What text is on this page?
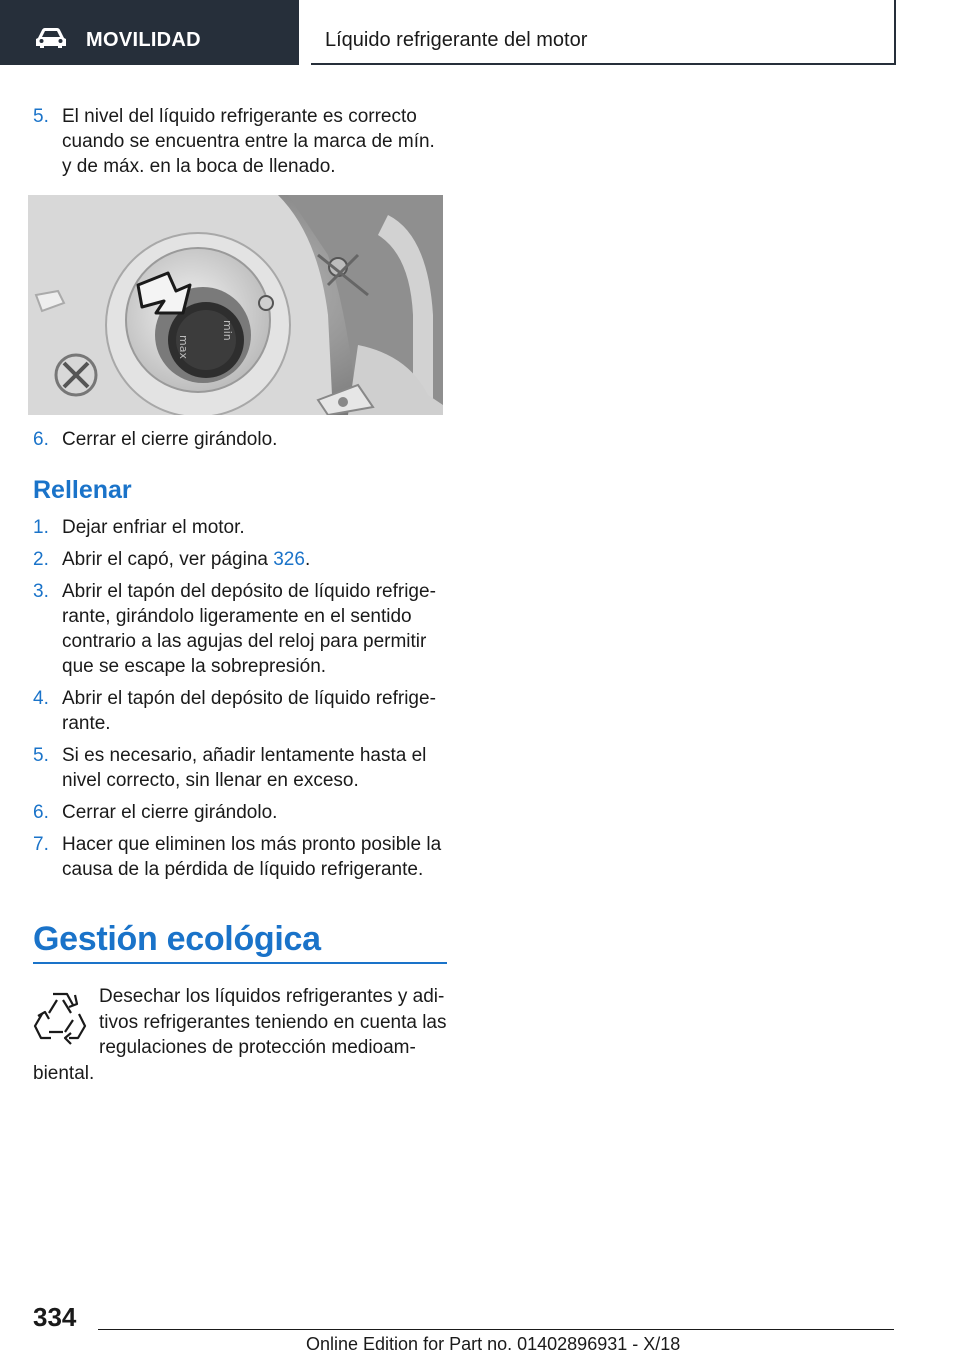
MOVILIDAD	Líquido refrigerante del motor
5. El nivel del líquido refrigerante es correcto cuando se encuentra entre la marca de mín. y de máx. en la boca de llenado.
min
max
6. Cerrar el cierre girándolo.
Rellenar
1. Dejar enfriar el motor.
2. Abrir el capó, ver página 326.
3. Abrir el tapón del depósito de líquido refrige- rante, girándolo ligeramente en el sentido contrario a las agujas del reloj para permitir que se escape la sobrepresión.
4. Abrir el tapón del depósito de líquido refrige- rante.
5. Si es necesario, añadir lentamente hasta el nivel correcto, sin llenar en exceso.
6. Cerrar el cierre girándolo.
7. Hacer que eliminen los más pronto posible la causa de la pérdida de líquido refrigerante.
Gestión ecológica
Desechar los líquidos refrigerantes y adi- tivos refrigerantes teniendo en cuenta las regulaciones de protección medioam- biental.
334
Online Edition for Part no. 01402896931 - X/18
